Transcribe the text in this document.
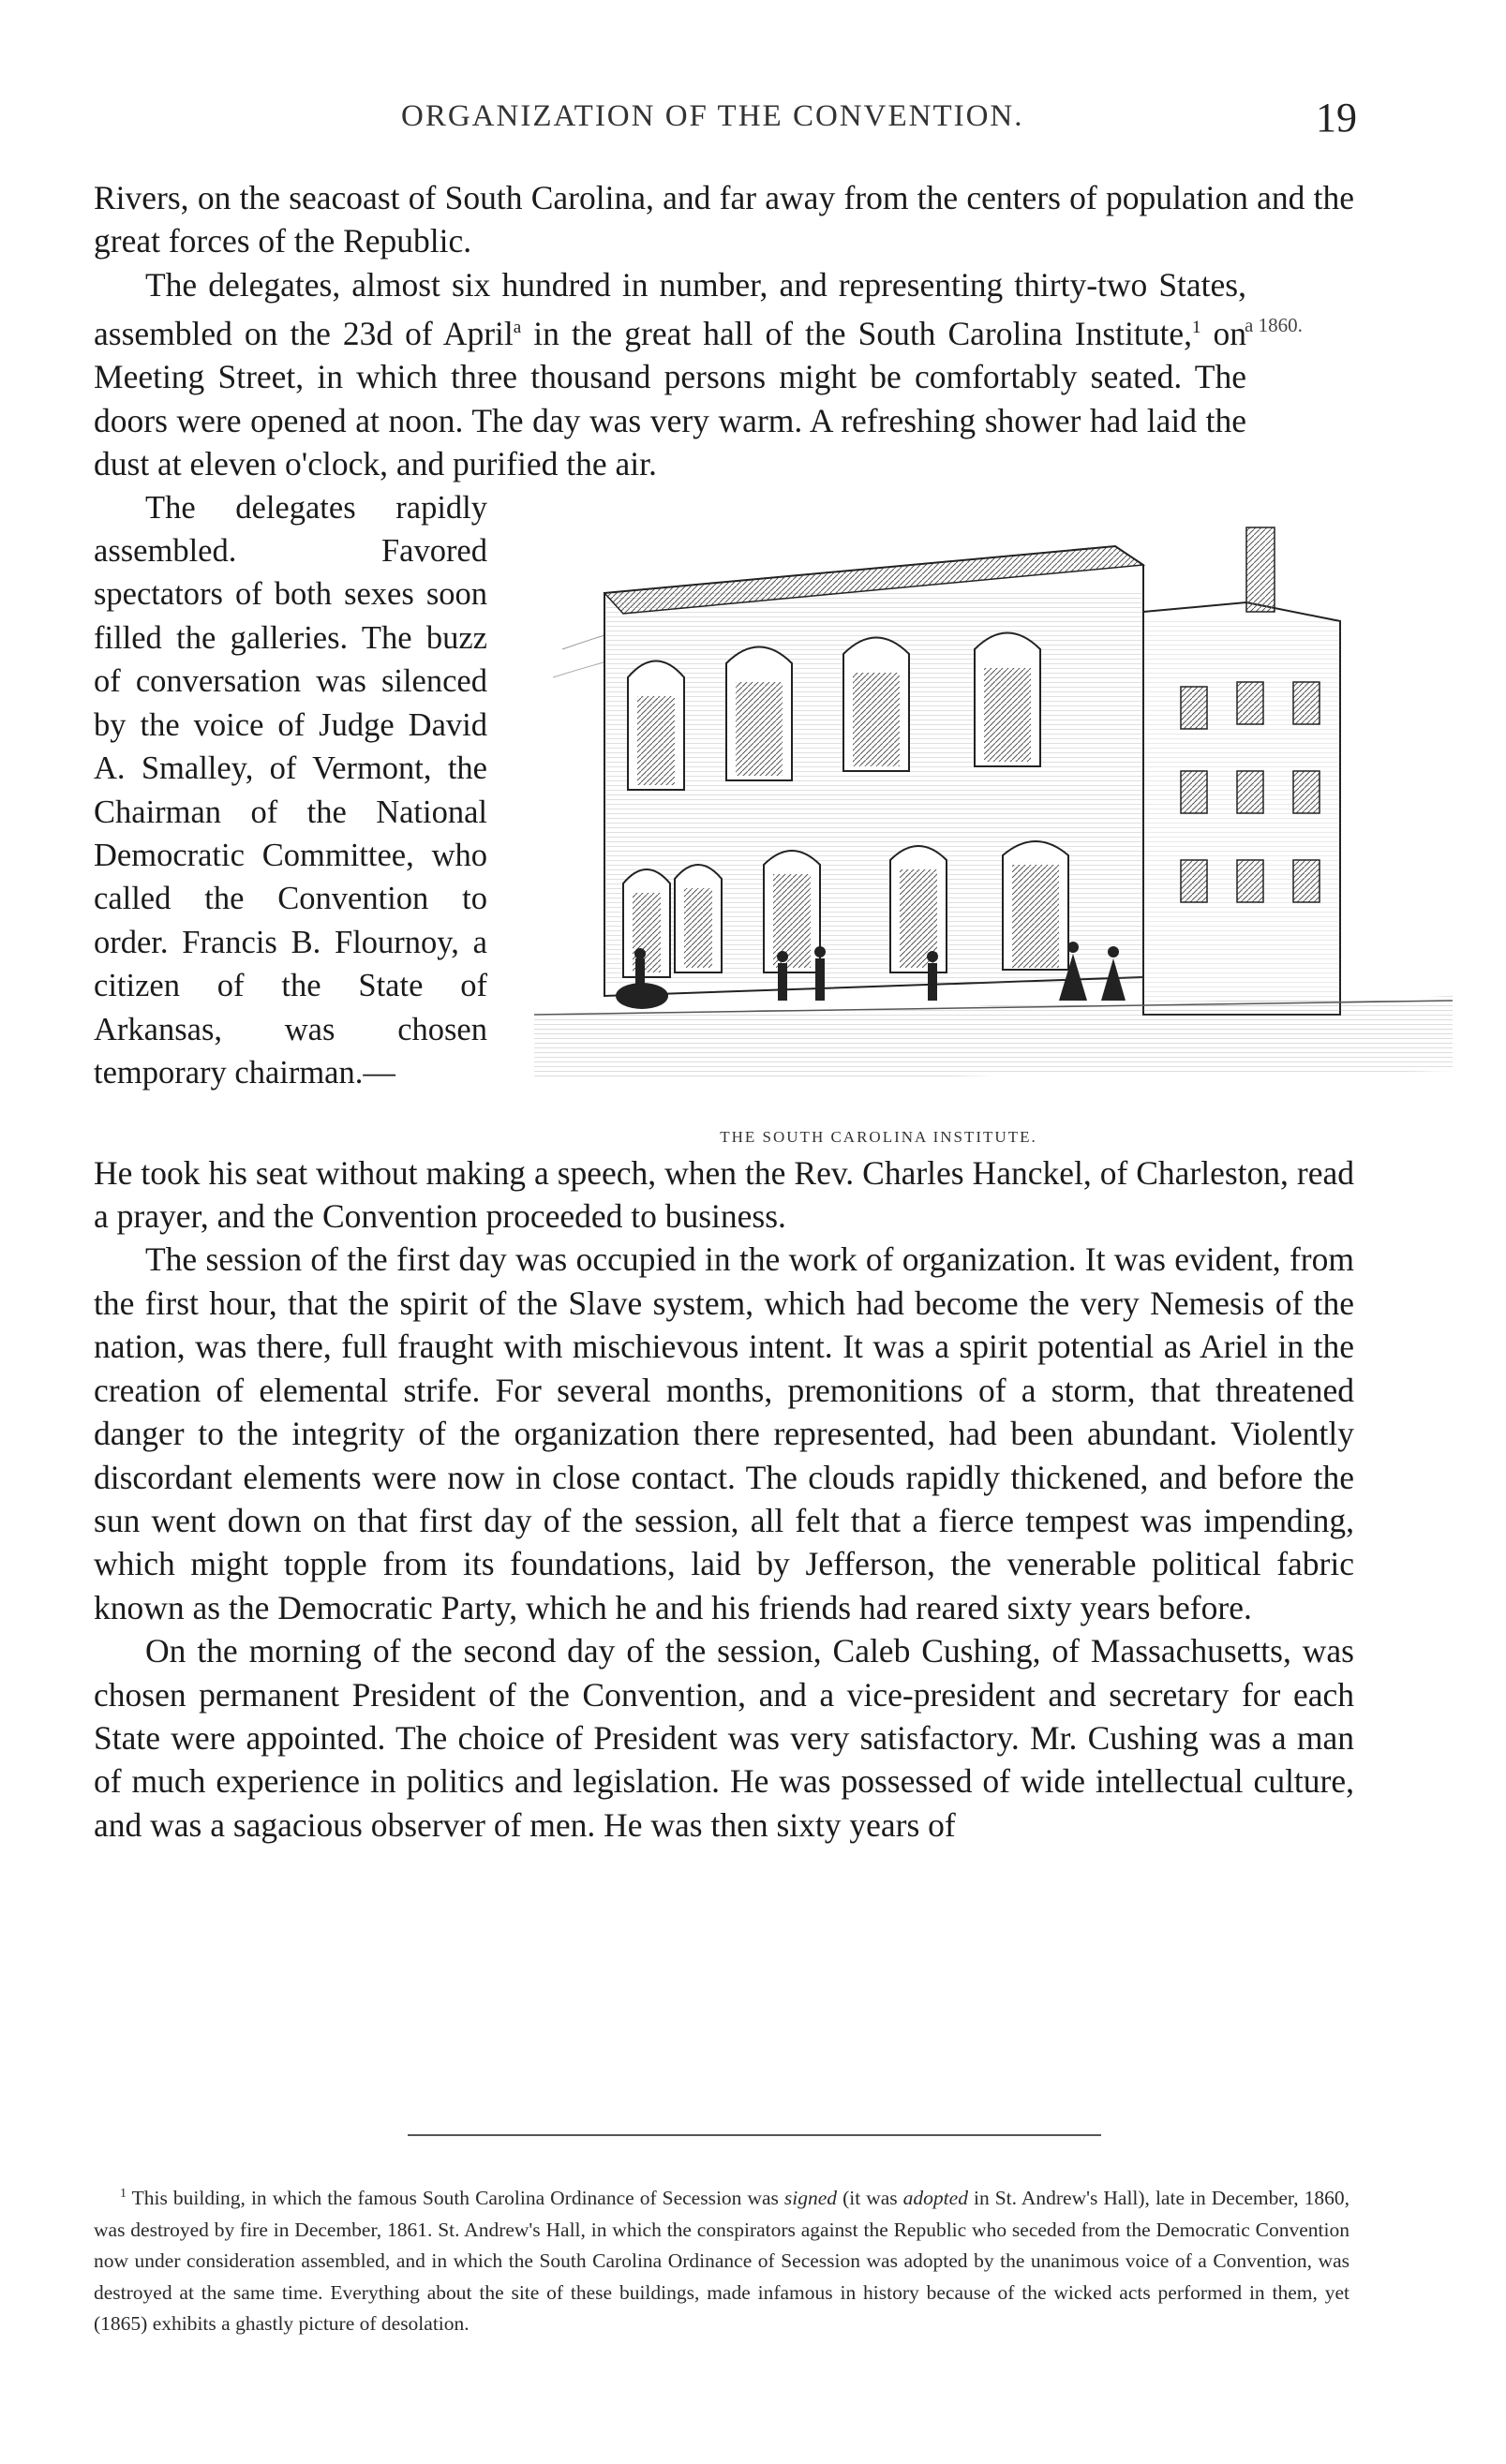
ORGANIZATION OF THE CONVENTION.	19
a 1860.

Rivers, on the seacoast of South Carolina, and far away from the centers of population and the great forces of the Republic.

The delegates, almost six hundred in number, and representing thirty-two States, assembled on the 23d of April$^a$ in the great hall of the South Carolina Institute,$^1$ on Meeting Street, in which three thousand persons might be comfortably seated. The doors were opened at noon. The day was very warm. A refreshing shower had laid the dust at eleven o'clock, and purified the air.

The delegates rapidly assembled. Favored spectators of both sexes soon filled the galleries. The buzz of conversation was silenced by the voice of Judge David A. Smalley, of Vermont, the Chairman of the National Democratic Committee, who called the Convention to order. Francis B. Flournoy, a citizen of the State of Arkansas, was chosen temporary chairman.—

THE SOUTH CAROLINA INSTITUTE.

He took his seat without making a speech, when the Rev. Charles Hanckel, of Charleston, read a prayer, and the Convention proceeded to business.

The session of the first day was occupied in the work of organization. It was evident, from the first hour, that the spirit of the Slave system, which had become the very Nemesis of the nation, was there, full fraught with mischievous intent. It was a spirit potential as Ariel in the creation of elemental strife. For several months, premonitions of a storm, that threatened danger to the integrity of the organization there represented, had been abundant. Violently discordant elements were now in close contact. The clouds rapidly thickened, and before the sun went down on that first day of the session, all felt that a fierce tempest was impending, which might topple from its foundations, laid by Jefferson, the venerable political fabric known as the Democratic Party, which he and his friends had reared sixty years before.

On the morning of the second day of the session, Caleb Cushing, of Massachusetts, was chosen permanent President of the Convention, and a vice-president and secretary for each State were appointed. The choice of President was very satisfactory. Mr. Cushing was a man of much experience in politics and legislation. He was possessed of wide intellectual culture, and was a sagacious observer of men. He was then sixty years of

$^1$ This building, in which the famous South Carolina Ordinance of Secession was signed (it was adopted in St. Andrew's Hall), late in December, 1860, was destroyed by fire in December, 1861. St. Andrew's Hall, in which the conspirators against the Republic who seceded from the Democratic Convention now under consideration assembled, and in which the South Carolina Ordinance of Secession was adopted by the unanimous voice of a Convention, was destroyed at the same time. Everything about the site of these buildings, made infamous in history because of the wicked acts performed in them, yet (1865) exhibits a ghastly picture of desolation.
